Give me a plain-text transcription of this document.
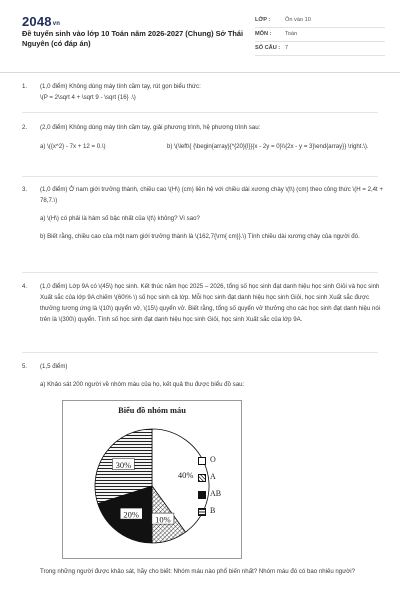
2048vn
Đề tuyển sinh vào lớp 10 Toán năm 2026-2027 (Chung) Sở Thái Nguyên (có đáp án)
LỚP :	Ôn vào 10
MÔN : Toán
SỐ CÂU : 7
1.	(1,0 điểm) Không dùng máy tính cầm tay, rút gọn biểu thức:

\(P = 2\sqrt 4 + \sqrt 9 - \sqrt {16} .\)

2.	(2,0 điểm) Không dùng máy tính cầm tay, giải phương trình, hệ phương trình sau:

a) \({x^2} - 7x + 12 = 0.\)	b) \(\left\{ {\begin{array}{*{20}{l}}{x - 2y = 0}\\{2x - y = 3}\end{array}} \right.\).
3.	(1,0 điểm) Ở nam giới trưởng thành, chiều cao \(H\) (cm) liên hệ với chiều dài xương chày \(t\) (cm) theo công thức \(H = 2,4t + 78,7.\)

a) \(H\) có phải là hàm số bậc nhất của \(t\) không? Vì sao?

b) Biết rằng, chiều cao của một nam giới trưởng thành là \(162,7{\rm{ cm}}.\) Tính chiều dài xương chày của người đó.

4.	(1,0 điểm) Lớp 9A có \(45\) học sinh. Kết thúc năm học 2025 – 2026, tổng số học sinh đạt danh hiệu học sinh Giỏi và học sinh Xuất sắc của lớp 9A chiếm \(60\% \) số học sinh cả lớp. Mỗi học sinh đạt danh hiệu học sinh Giỏi, học sinh Xuất sắc được thưởng tương ứng là \(10\) quyển vở, \(15\) quyển vở. Biết rằng, tổng số quyển vở thưởng cho các học sinh đạt danh hiệu nói trên là \(300\) quyển. Tính số học sinh đạt danh hiệu học sinh Giỏi, học sinh Xuất sắc của lớp 9A.

5.	(1,5 điểm)

a) Khảo sát 200 người về nhóm máu của họ, kết quả thu được biểu đồ sau:

Biểu đồ nhóm máu
40%
10%
20%
30%
O
A
AB
B

Trong những người được khảo sát, hãy cho biết: Nhóm máu nào phổ biến nhất? Nhóm máu đó có bao nhiêu người?
